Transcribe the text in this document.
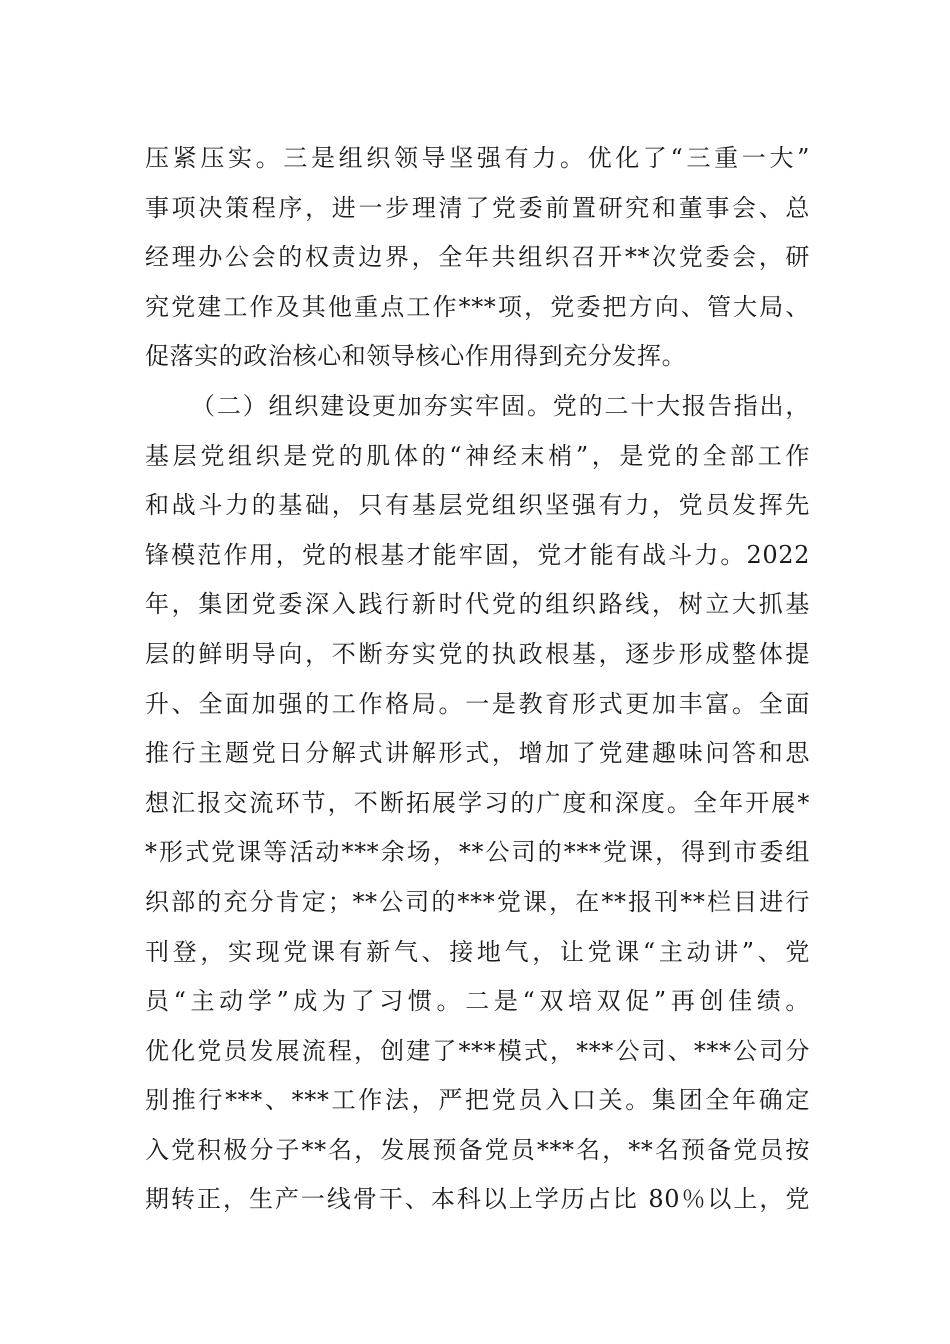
压紧压实。三是组织领导坚强有力。优化了“三重一大”
事项决策程序，进一步理清了党委前置研究和董事会、总
经理办公会的权责边界，全年共组织召开**次党委会，研
究党建工作及其他重点工作***项，党委把方向、管大局、
促落实的政治核心和领导核心作用得到充分发挥。
（二）组织建设更加夯实牢固。党的二十大报告指出，
基层党组织是党的肌体的“神经末梢”，是党的全部工作
和战斗力的基础，只有基层党组织坚强有力，党员发挥先
锋模范作用，党的根基才能牢固，党才能有战斗力。2022
年，集团党委深入践行新时代党的组织路线，树立大抓基
层的鲜明导向，不断夯实党的执政根基，逐步形成整体提
升、全面加强的工作格局。一是教育形式更加丰富。全面
推行主题党日分解式讲解形式，增加了党建趣味问答和思
想汇报交流环节，不断拓展学习的广度和深度。全年开展*
*形式党课等活动***余场，**公司的***党课，得到市委组
织部的充分肯定；**公司的***党课，在**报刊**栏目进行
刊登，实现党课有新气、接地气，让党课“主动讲”、党
员“主动学”成为了习惯。二是“双培双促”再创佳绩。
优化党员发展流程，创建了***模式，***公司、***公司分
别推行***、***工作法，严把党员入口关。集团全年确定
入党积极分子**名，发展预备党员***名，**名预备党员按
期转正，生产一线骨干、本科以上学历占比 80％以上，党
